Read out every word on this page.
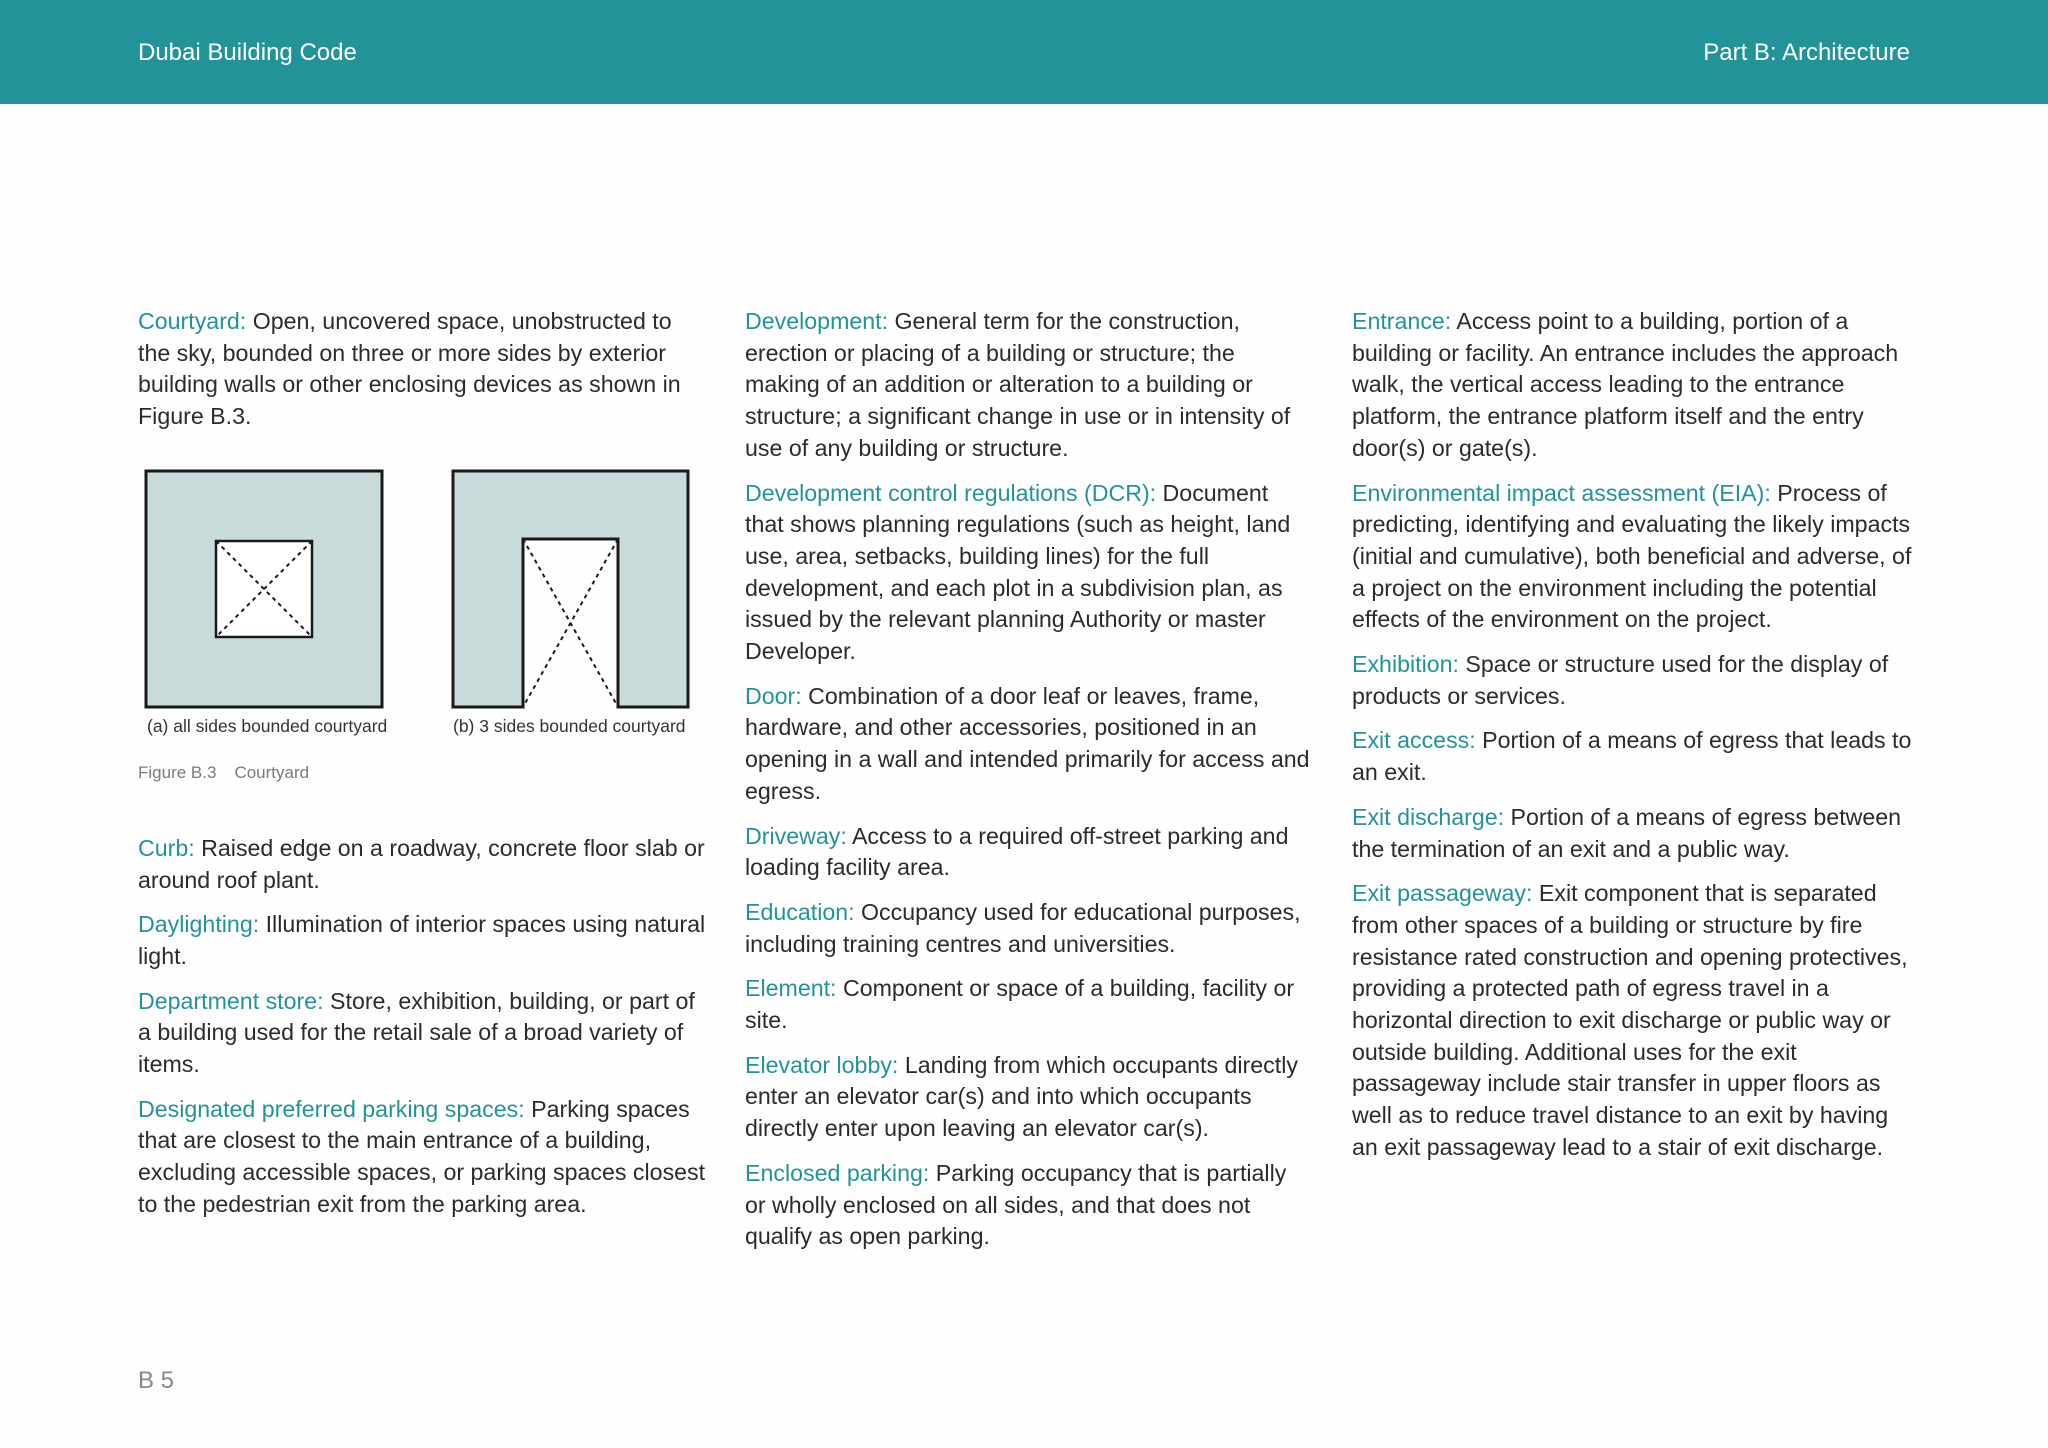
Dubai Building Code	Part B: Architecture

Courtyard: Open, uncovered space, unobstructed to the sky, bounded on three or more sides by exterior building walls or other enclosing devices as shown in Figure B.3.

(a) all sides bounded courtyard	(b) 3 sides bounded courtyard
Figure B.3 Courtyard

Curb: Raised edge on a roadway, concrete floor slab or around roof plant.

Daylighting: Illumination of interior spaces using natural light.

Department store: Store, exhibition, building, or part of a building used for the retail sale of a broad variety of items.

Designated preferred parking spaces: Parking spaces that are closest to the main entrance of a building, excluding accessible spaces, or parking spaces closest to the pedestrian exit from the parking area.

Development: General term for the construction, erection or placing of a building or structure; the making of an addition or alteration to a building or structure; a significant change in use or in intensity of use of any building or structure.

Development control regulations (DCR): Document that shows planning regulations (such as height, land use, area, setbacks, building lines) for the full development, and each plot in a subdivision plan, as issued by the relevant planning Authority or master Developer.

Door: Combination of a door leaf or leaves, frame, hardware, and other accessories, positioned in an opening in a wall and intended primarily for access and egress.

Driveway: Access to a required off-street parking and loading facility area.

Education: Occupancy used for educational purposes, including training centres and universities.

Element: Component or space of a building, facility or site.

Elevator lobby: Landing from which occupants directly enter an elevator car(s) and into which occupants directly enter upon leaving an elevator car(s).

Enclosed parking: Parking occupancy that is partially or wholly enclosed on all sides, and that does not qualify as open parking.

Entrance: Access point to a building, portion of a building or facility. An entrance includes the approach walk, the vertical access leading to the entrance platform, the entrance platform itself and the entry door(s) or gate(s).

Environmental impact assessment (EIA): Process of predicting, identifying and evaluating the likely impacts (initial and cumulative), both beneficial and adverse, of a project on the environment including the potential effects of the environment on the project.

Exhibition: Space or structure used for the display of products or services.

Exit access: Portion of a means of egress that leads to an exit.

Exit discharge: Portion of a means of egress between the termination of an exit and a public way.

Exit passageway: Exit component that is separated from other spaces of a building or structure by fire resistance rated construction and opening protectives, providing a protected path of egress travel in a horizontal direction to exit discharge or public way or outside building. Additional uses for the exit passageway include stair transfer in upper floors as well as to reduce travel distance to an exit by having an exit passageway lead to a stair of exit discharge.

B 5
